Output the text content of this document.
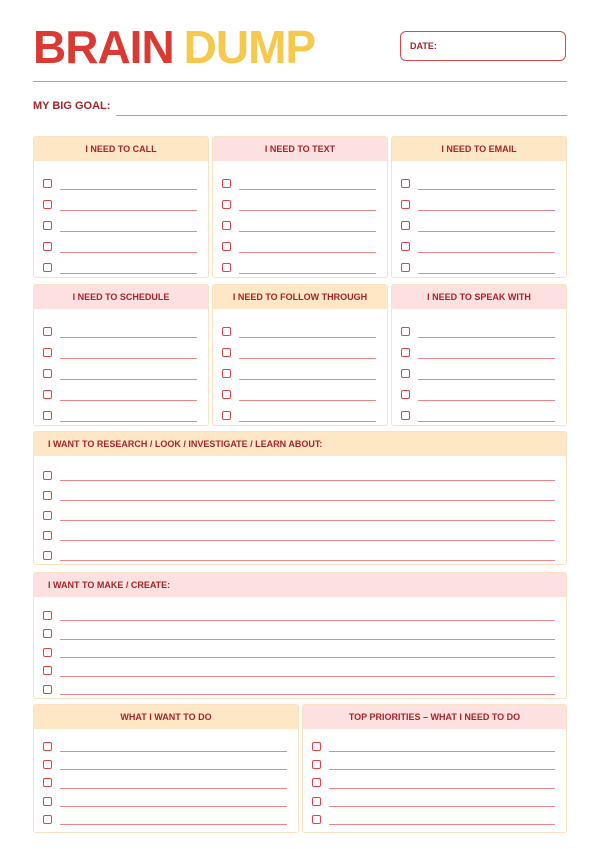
BRAIN DUMP	DATE:
MY BIG GOAL:
I NEED TO CALL	I NEED TO TEXT	I NEED TO EMAIL
I NEED TO SCHEDULE	I NEED TO FOLLOW THROUGH	I NEED TO SPEAK WITH
I WANT TO RESEARCH / LOOK / INVESTIGATE / LEARN ABOUT:
I WANT TO MAKE / CREATE:
WHAT I WANT TO DO	TOP PRIORITIES – WHAT I NEED TO DO
